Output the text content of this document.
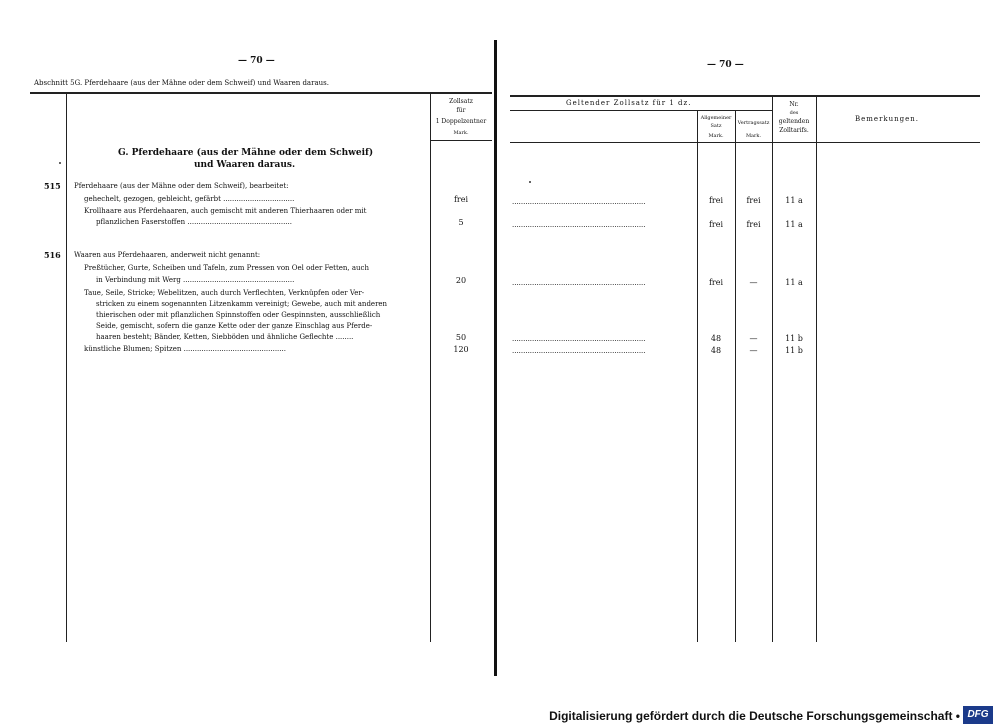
— 70 —
Abschnitt 5G. Pferdehaare (aus der Mähne oder dem Schweif) und Waaren daraus.
Zollsatz
für
1 Doppelzentner
Mark.
G. Pferdehaare (aus der Mähne oder dem Schweif)
und Waaren daraus.
515 Pferdehaare (aus der Mähne oder dem Schweif), bearbeitet:
gehechelt, gezogen, gebleicht, gefärbt ................................	frei
Krollhaare aus Pferdehaaren, auch gemischt mit anderen Thierhaaren oder mit
pflanzlichen Faserstoffen ...............................................	5
516 Waaren aus Pferdehaaren, anderweit nicht genannt:
Preßtücher, Gurte, Scheiben und Tafeln, zum Pressen von Oel oder Fetten, auch
in Verbindung mit Werg ..................................................	20
Taue, Seile, Stricke; Webelitzen, auch durch Verflechten, Verknüpfen oder Ver-
stricken zu einem sogenannten Litzenkamm vereinigt; Gewebe, auch mit anderen
thierischen oder mit pflanzlichen Spinnstoffen oder Gespinnsten, ausschließlich
Seide, gemischt, sofern die ganze Kette oder der ganze Einschlag aus Pferde-
haaren besteht; Bänder, Ketten, Siebböden und ähnliche Geflechte ........	50
künstliche Blumen; Spitzen ..............................................	120
— 70 —
Geltender Zollsatz für 1 dz.
Allgemeiner
Satz
Mark.
Vertragssatz
Mark.
Nr.
des
geltenden
Zolltarifs.
Bemerkungen.
............................................................	frei	frei	11 a
............................................................	frei	frei	11 a
............................................................	frei	—	11 a
............................................................	48	—	11 b
............................................................	48	—	11 b
Digitalisierung gefördert durch die Deutsche Forschungsgemeinschaft • DFG
